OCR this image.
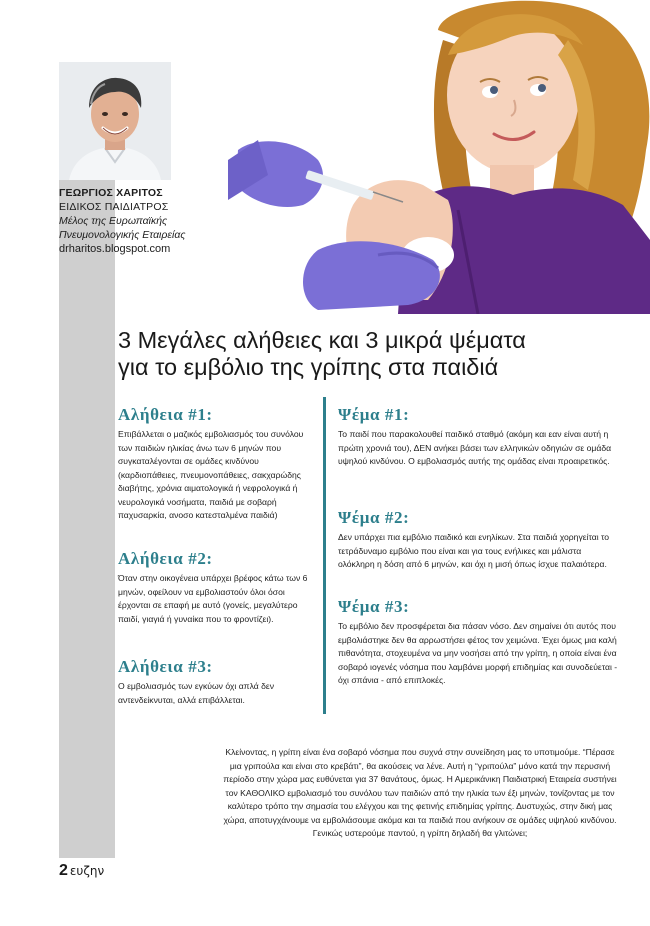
ΓΕΩΡΓΙΟΣ ΧΑΡΙΤΟΣ
ΕΙΔΙΚΟΣ ΠΑΙΔΙΑΤΡΟΣ
Μέλος της Ευρωπαϊκής
Πνευμονολογικής Εταιρείας
drharitos.blogspot.com
3 Μεγάλες αλήθειες και 3 μικρά ψέματα
για το εμβόλιο της γρίπης στα παιδιά
Αλήθεια #1:
Επιβάλλεται ο μαζικός εμβολιασμός του συνόλου των παιδιών ηλικίας άνω των 6 μηνών που συγκαταλέγονται σε ομάδες κινδύνου (καρδιοπάθειες, πνευμονοπάθειες, σακχαρώδης διαβήτης, χρόνια αιματολογικά ή νεφρολογικά ή νευρολογικά νοσήματα, παιδιά με σοβαρή παχυσαρκία, ανοσο κατεσταλμένα παιδιά)
Αλήθεια #2:
Όταν στην οικογένεια υπάρχει βρέφος κάτω των 6 μηνών, οφείλουν να εμβολιαστούν όλοι όσοι έρχονται σε επαφή με αυτό (γονείς, μεγαλύτερο παιδί, γιαγιά ή γυναίκα που το φροντίζει).
Αλήθεια #3:
Ο εμβολιασμός των εγκύων όχι απλά δεν αντενδείκνυται, αλλά επιβάλλεται.
Ψέμα #1:
Το παιδί που παρακολουθεί παιδικό σταθμό (ακόμη και εαν είναι αυτή η πρώτη χρονιά του), ΔΕΝ ανήκει βάσει των ελληνικών οδηγιών σε ομάδα υψηλού κινδύνου. Ο εμβολιασμός αυτής της ομάδας είναι προαιρετικός.
Ψέμα #2:
Δεν υπάρχει πια εμβόλιο παιδικό και ενηλίκων. Στα παιδιά χορηγείται το τετράδυναμο εμβόλιο που είναι και για τους ενήλικες και μάλιστα ολόκληρη η δόση από 6 μηνών, και όχι η μισή όπως ίσχυε παλαιότερα.
Ψέμα #3:
Το εμβόλιο δεν προσφέρεται δια πάσαν νόσο. Δεν σημαίνει ότι αυτός που εμβολιάστηκε δεν θα αρρωστήσει φέτος τον χειμώνα. Έχει όμως μια καλή πιθανότητα, στοχευμένα να μην νοσήσει από την γρίπη, η οποία είναι ένα σοβαρό ιογενές νόσημα που λαμβάνει μορφή επιδημίας και συνοδεύεται - όχι σπάνια - από επιπλοκές.

Κλείνοντας, η γρίπη είναι ένα σοβαρό νόσημα που συχνά στην συνείδηση μας το υποτιμούμε. “Πέρασε μια γριπούλα και είναι στο κρεβάτι”, θα ακούσεις να λένε. Αυτή η “γριπούλα” μόνο κατά την περυσινή περίοδο στην χώρα μας ευθύνεται για 37 θανάτους, όμως. Η Αμερικάνικη Παιδιατρική Εταιρεία συστήνει τον ΚΑΘΟΛΙΚΟ εμβολιασμό του συνόλου των παιδιών από την ηλικία των έξι μηνών, τονίζοντας με τον καλύτερο τρόπο την σημασία του ελέγχου και της φετινής επιδημίας γρίπης. Δυστυχώς, στην δική μας χώρα, αποτυγχάνουμε να εμβολιάσουμε ακόμα και τα παιδιά που ανήκουν σε ομάδες υψηλού κινδύνου. Γενικώς υστερούμε παντού, η γρίπη δηλαδή θα γλιτώνει;

2 ευζην
